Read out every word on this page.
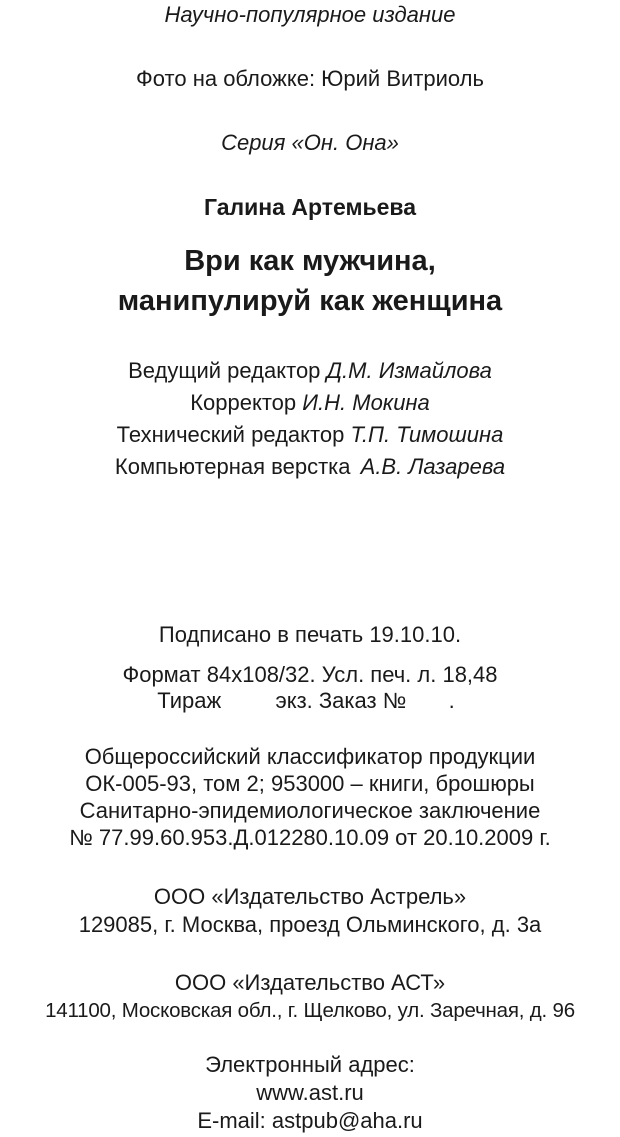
Научно-популярное издание
Фото на обложке: Юрий Витриоль
Серия «Он. Она»
Галина Артемьева
Ври как мужчина,
манипулируй как женщина
Ведущий редактор Д.М. Измайлова
Корректор И.Н. Мокина
Технический редактор Т.П. Тимошина
Компьютерная верстка А.В. Лазарева
Подписано в печать 19.10.10.
Формат 84х108/32. Усл. печ. л. 18,48
Тираж экз. Заказ № .
Общероссийский классификатор продукции
ОК-005-93, том 2; 953000 – книги, брошюры
Санитарно-эпидемиологическое заключение
№ 77.99.60.953.Д.012280.10.09 от 20.10.2009 г.
ООО «Издательство Астрель»
129085, г. Москва, проезд Ольминского, д. 3а
ООО «Издательство АСТ»
141100, Московская обл., г. Щелково, ул. Заречная, д. 96
Электронный адрес:
www.ast.ru
E-mail: astpub@aha.ru
